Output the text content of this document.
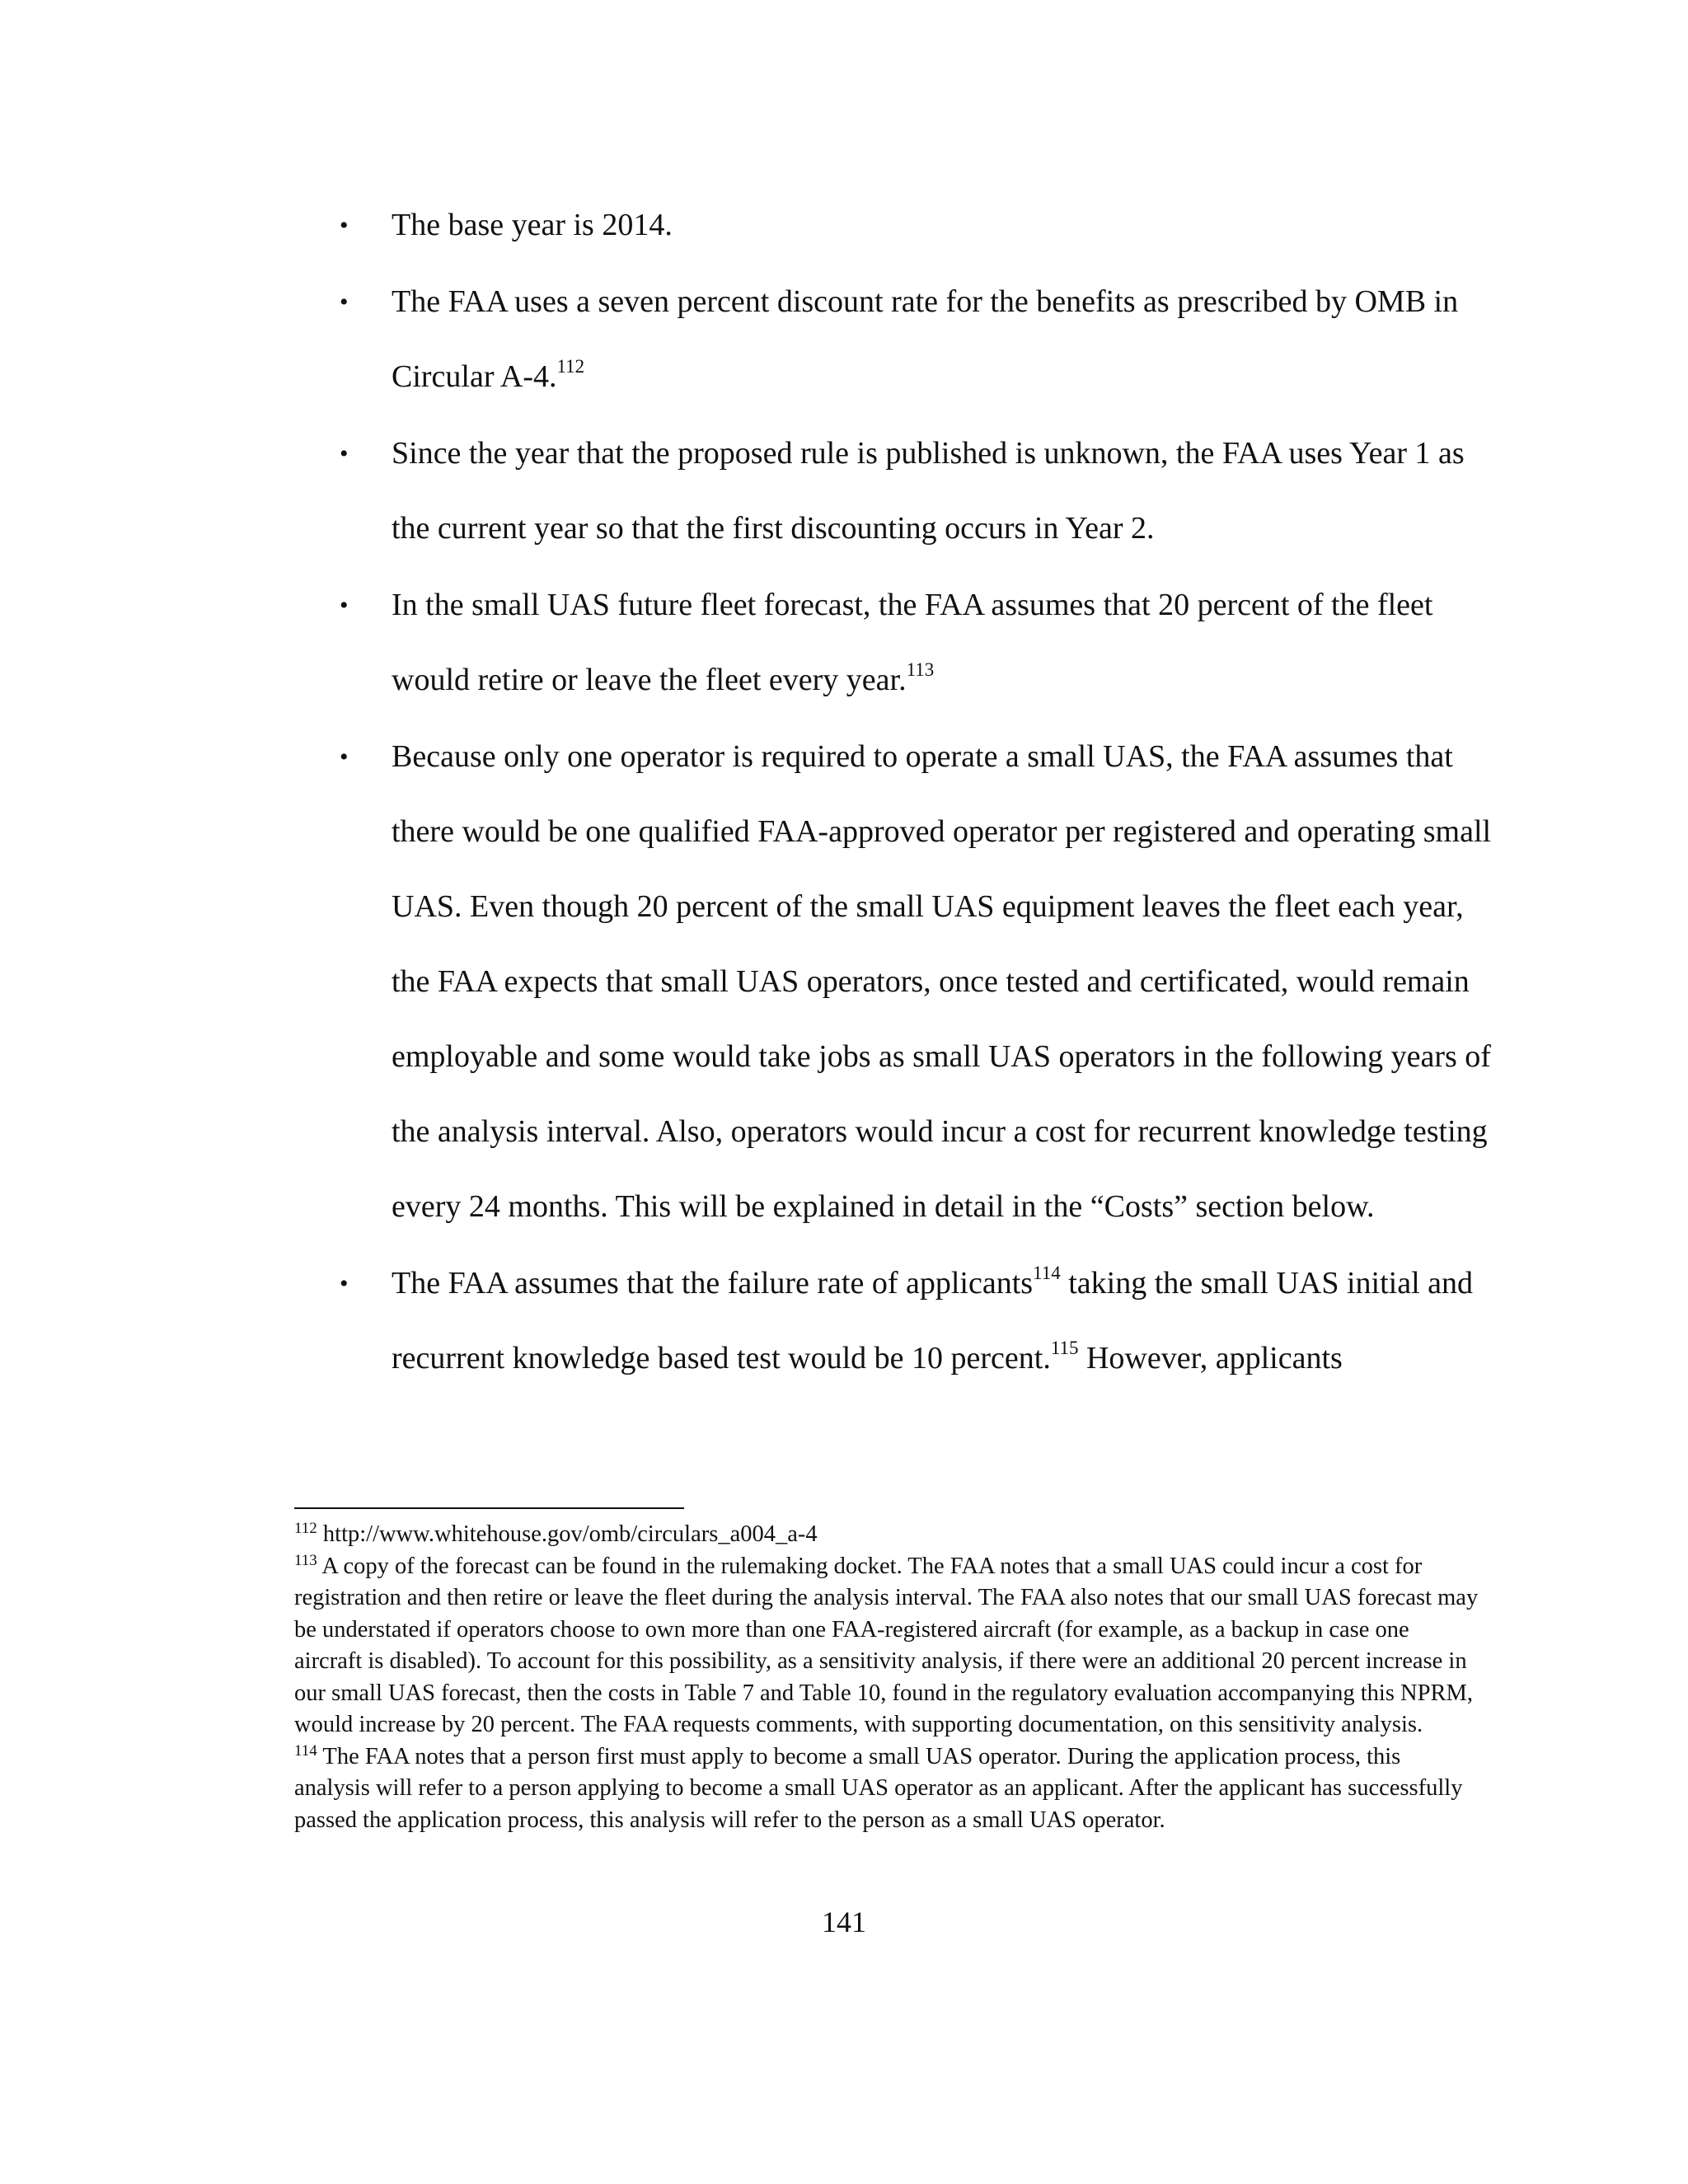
• The base year is 2014.
• The FAA uses a seven percent discount rate for the benefits as prescribed by OMB in Circular A-4.$^{112}$
• Since the year that the proposed rule is published is unknown, the FAA uses Year 1 as the current year so that the first discounting occurs in Year 2.
• In the small UAS future fleet forecast, the FAA assumes that 20 percent of the fleet would retire or leave the fleet every year.$^{113}$
• Because only one operator is required to operate a small UAS, the FAA assumes that there would be one qualified FAA-approved operator per registered and operating small UAS. Even though 20 percent of the small UAS equipment leaves the fleet each year, the FAA expects that small UAS operators, once tested and certificated, would remain employable and some would take jobs as small UAS operators in the following years of the analysis interval. Also, operators would incur a cost for recurrent knowledge testing every 24 months. This will be explained in detail in the “Costs” section below.
• The FAA assumes that the failure rate of applicants$^{114}$ taking the small UAS initial and recurrent knowledge based test would be 10 percent.$^{115}$ However, applicants

$^{112}$ http://www.whitehouse.gov/omb/circulars_a004_a-4

$^{113}$ A copy of the forecast can be found in the rulemaking docket. The FAA notes that a small UAS could incur a cost for registration and then retire or leave the fleet during the analysis interval. The FAA also notes that our small UAS forecast may be understated if operators choose to own more than one FAA-registered aircraft (for example, as a backup in case one aircraft is disabled). To account for this possibility, as a sensitivity analysis, if there were an additional 20 percent increase in our small UAS forecast, then the costs in Table 7 and Table 10, found in the regulatory evaluation accompanying this NPRM, would increase by 20 percent. The FAA requests comments, with supporting documentation, on this sensitivity analysis.

$^{114}$ The FAA notes that a person first must apply to become a small UAS operator. During the application process, this analysis will refer to a person applying to become a small UAS operator as an applicant. After the applicant has successfully passed the application process, this analysis will refer to the person as a small UAS operator.

141
